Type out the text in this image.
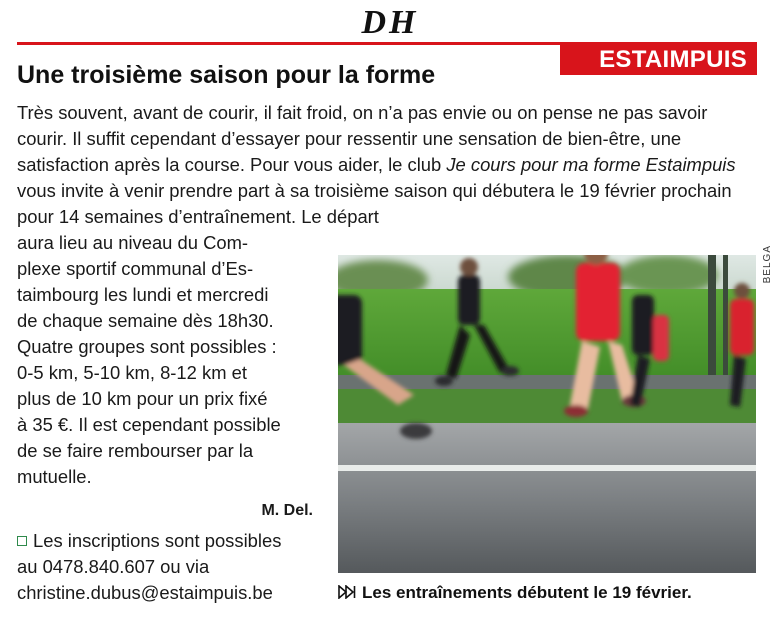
DH
ESTAIMPUIS
Une troisième saison pour la forme

Très souvent, avant de courir, il fait froid, on n’a pas envie ou on pense ne pas savoir courir. Il suffit cependant d’essayer pour ressentir une sensation de bien-être, une satisfaction après la course. Pour vous aider, le club Je cours pour ma forme Estaimpuis vous invite à venir prendre part à sa troisième saison qui débutera le 19 février prochain pour 14 semaines d’entraînement. Le départ

aura lieu au niveau du Com-
plexe sportif communal d’Es-
taimbourg les lundi et mercredi
de chaque semaine dès 18h30.
Quatre groupes sont possibles :
0-5 km, 5-10 km, 8-12 km et
plus de 10 km pour un prix fixé
à 35 €. Il est cependant possible
de se faire rembourser par la
mutuelle.
M. Del.
Les inscriptions sont possibles
au 0478.840.607 ou via
christine.dubus@estaimpuis.be
BELGA
Les entraînements débutent le 19 février.
